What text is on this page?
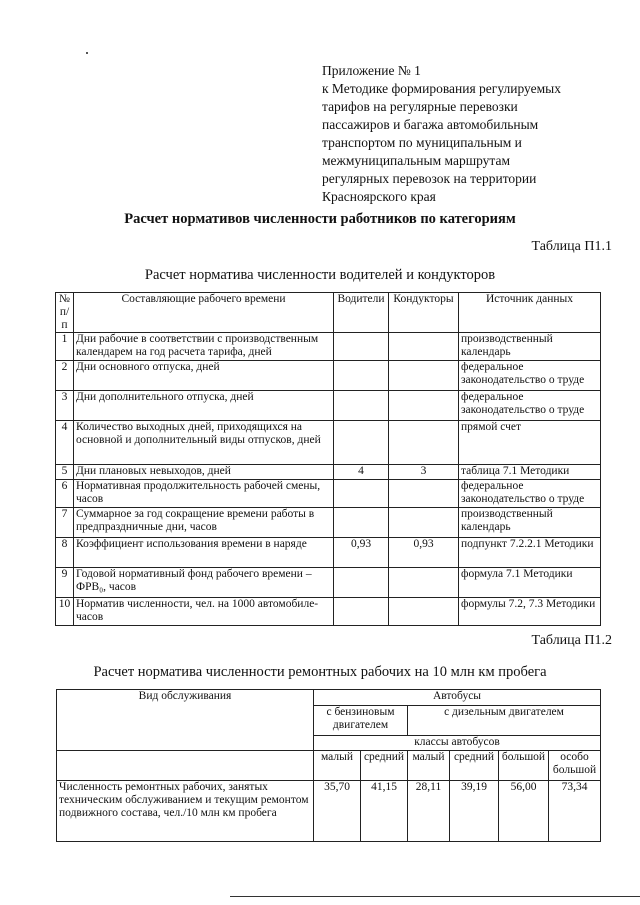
Приложение № 1
к Методике формирования регулируемых
тарифов на регулярные перевозки
пассажиров и багажа автомобильным
транспортом по муниципальным и
межмуниципальным маршрутам
регулярных перевозок на территории
Красноярского края
Расчет нормативов численности работников по категориям
Таблица П1.1
Расчет норматива численности водителей и кондукторов
№ п/п	Составляющие рабочего времени	Водители	Кондукторы	Источник данных
1	Дни рабочие в соответствии с производственным календарем на год расчета тарифа, дней			производственный календарь
2	Дни основного отпуска, дней			федеральное законодательство о труде
3	Дни дополнительного отпуска, дней			федеральное законодательство о труде
4	Количество выходных дней, приходящихся на основной и дополнительный виды отпусков, дней			прямой счет
5	Дни плановых невыходов, дней	4	3	таблица 7.1 Методики
6	Нормативная продолжительность рабочей смены, часов			федеральное законодательство о труде
7	Суммарное за год сокращение времени работы в предпраздничные дни, часов			производственный календарь
8	Коэффициент использования времени в наряде	0,93	0,93	подпункт 7.2.2.1 Методики
9	Годовой нормативный фонд рабочего времени – ФРВ₀, часов			формула 7.1 Методики
10	Норматив численности, чел. на 1000 автомобиле-часов			формулы 7.2, 7.3 Методики
Таблица П1.2
Расчет норматива численности ремонтных рабочих на 10 млн км пробега
Вид обслуживания	Автобусы					
	с бензиновым двигателем		с дизельным двигателем			
	классы автобусов					
	малый	средний	малый	средний	большой	особо большой
Численность ремонтных рабочих, занятых техническим обслуживанием и текущим ремонтом подвижного состава, чел./10 млн км пробега	35,70	41,15	28,11	39,19	56,00	73,34
